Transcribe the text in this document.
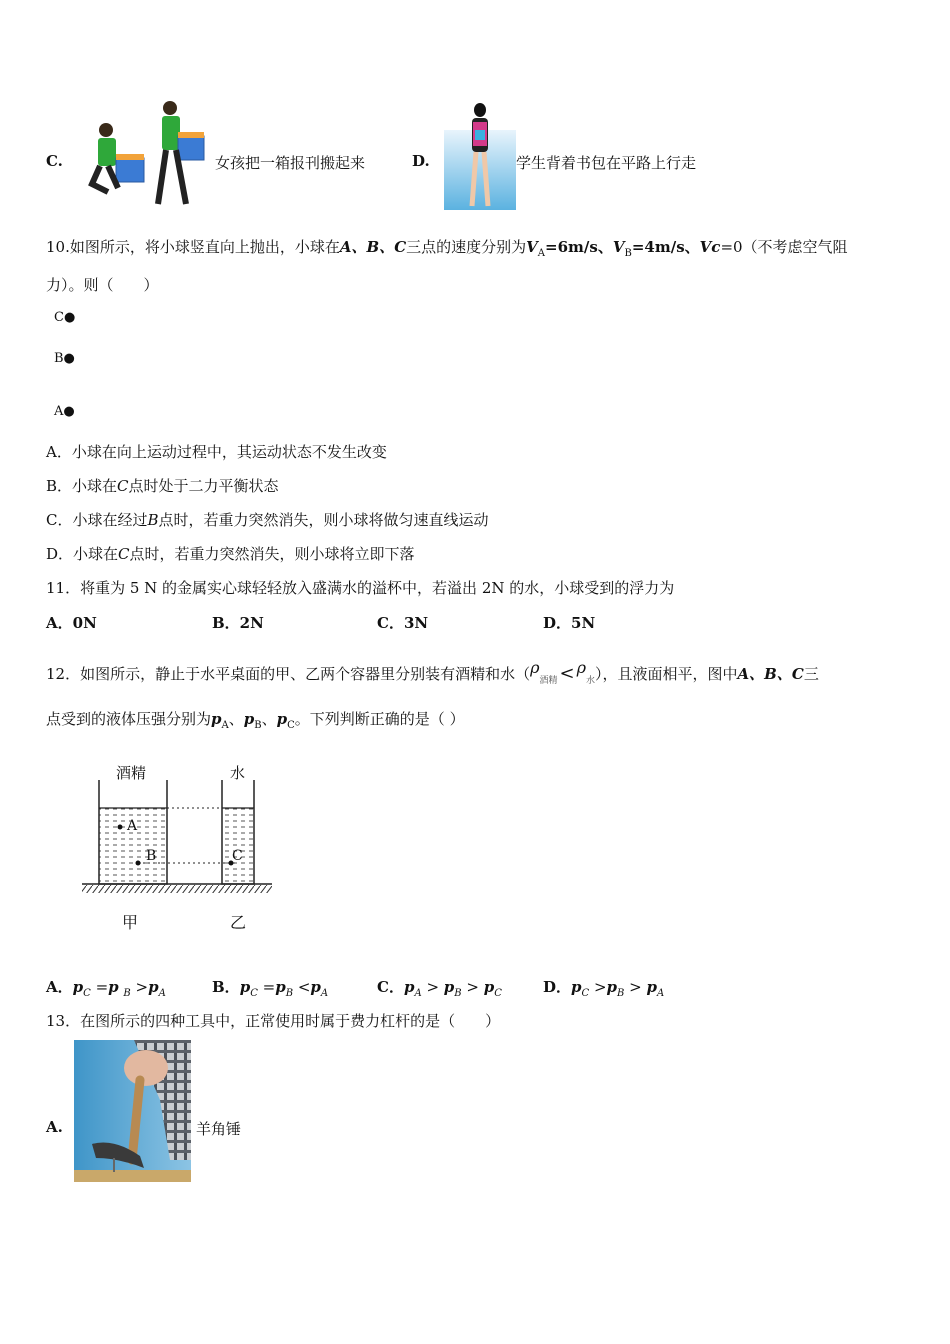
C.	女孩把一箱报刊搬起来	D.	学生背着书包在平路上行走
10.如图所示，将小球竖直向上抛出，小球在A、B、C三点的速度分别为$V_A=6m/s$、$V_B=4m/s$、Vc=0（不考虑空气阻
力）。则（　　）
C●
B●
A●
A．小球在向上运动过程中，其运动状态不发生改变
B．小球在C点时处于二力平衡状态
C．小球在经过B点时，若重力突然消失，则小球将做匀速直线运动
D．小球在C点时，若重力突然消失，则小球将立即下落
11．将重为 5 N 的金属实心球轻轻放入盛满水的溢杯中，若溢出 2N 的水，小球受到的浮力为
A．0N	B．2N	C．3N	D．5N
12．如图所示，静止于水平桌面的甲、乙两个容器里分别装有酒精和水$(\rho_{酒精} < \rho_水)$，且液面相平，图中A、B、C三
点受到的液体压强分别为$p_A$、$p_B$、$p_C$。下列判断正确的是（ ）
酒精	水
A
B	C
甲	乙
A．$p_C =p$ $_B >p_A$	B．$p_C =p_B <p_A$	C．$p_A > p_B > p_C$	D．$p_C >p_B > p_A$
13．在图所示的四种工具中，正常使用时属于费力杠杆的是（　　）
A.	羊角锤
